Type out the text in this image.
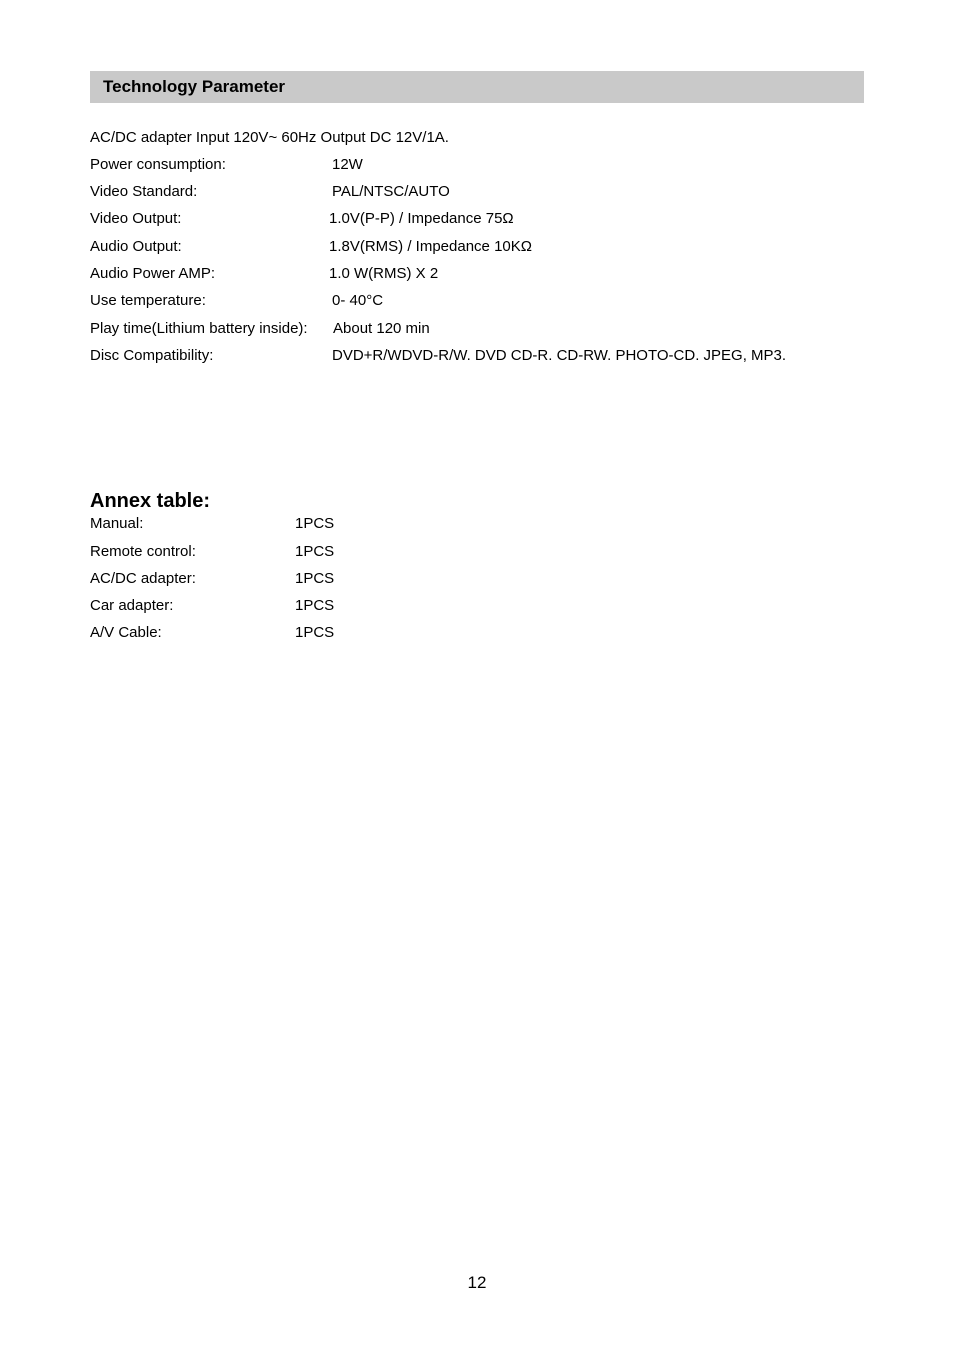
Technology Parameter
AC/DC adapter Input 120V~ 60Hz Output DC 12V/1A.
Power consumption:	12W
Video Standard:	PAL/NTSC/AUTO
Video Output:	1.0V(P-P) / Impedance 75Ω
Audio Output:	1.8V(RMS) / Impedance 10KΩ
Audio Power AMP:	1.0 W(RMS) X 2
Use temperature:	0- 40°C
Play time(Lithium battery inside): About 120 min
Disc Compatibility:	DVD+R/WDVD-R/W. DVD CD-R. CD-RW. PHOTO-CD. JPEG, MP3.
Annex table:
Manual:	1PCS
Remote control:	1PCS
AC/DC adapter:	1PCS
Car adapter:	1PCS
A/V Cable:	1PCS
12
